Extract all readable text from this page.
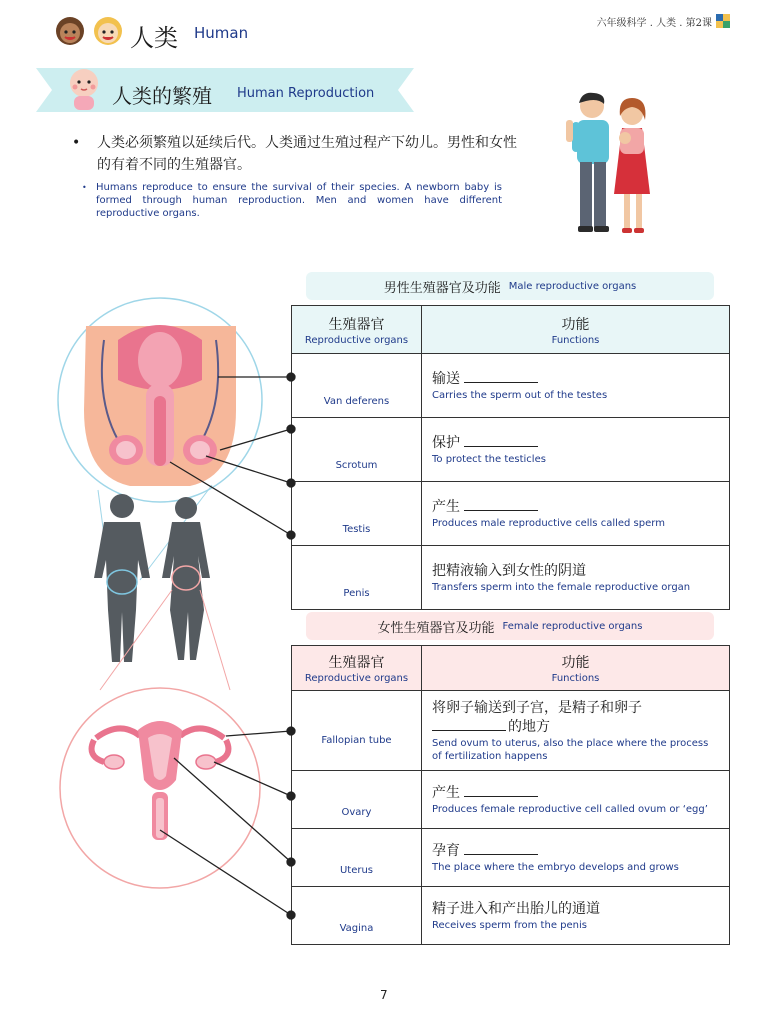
人类 Human
六年级科学 . 人类 . 第2课
人类的繁殖 Human Reproduction
•	人类必须繁殖以延续后代。人类通过生殖过程产下幼儿。男性和女性的有着不同的生殖器官。
• Humans reproduce to ensure the survival of their species. A newborn baby is formed through human reproduction. Men and women have different reproductive organs.
男性生殖器官及功能 Male reproductive organs
生殖器官
Reproductive organs	功能
Functions

Van deferens	输送
Carries the sperm out of the testes

Scrotum	保护
To protect the testicles

Testis	产生
Produces male reproductive cells called sperm

Penis	把精液输入到女性的阴道
Transfers sperm into the female reproductive organ
女性生殖器官及功能 Female reproductive organs
生殖器官
Reproductive organs	功能
Functions

Fallopian tube	将卵子输送到子宫，是精子和卵子
的地方
Send ovum to uterus, also the place where the process of fertilization happens

Ovary	产生
Produces female reproductive cell called ovum or ‘egg’

Uterus	孕育
The place where the embryo develops and grows

Vagina	精子进入和产出胎儿的通道
Receives sperm from the penis
7
